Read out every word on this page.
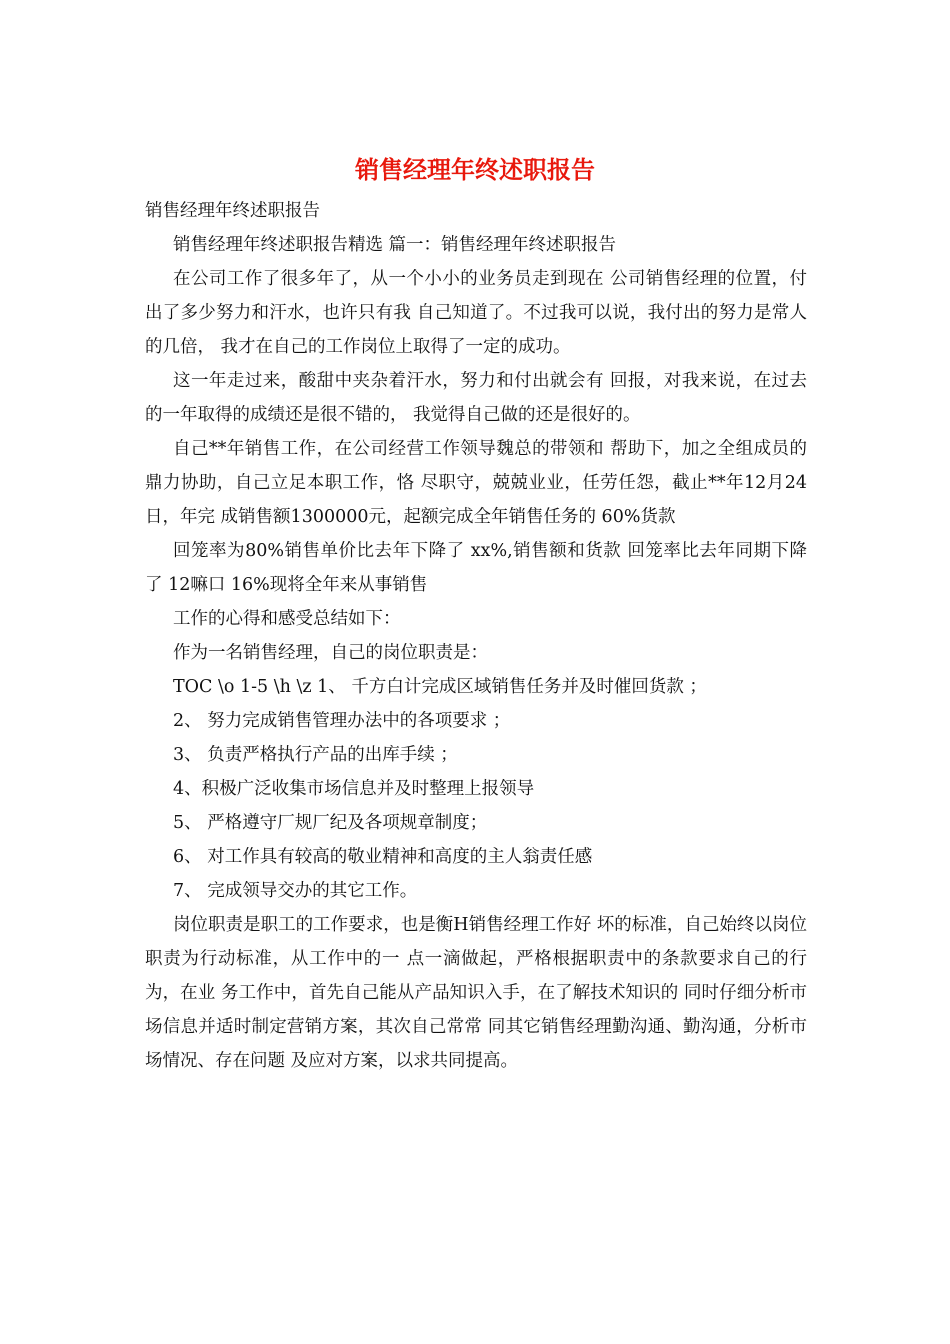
销售经理年终述职报告

销售经理年终述职报告

销售经理年终述职报告精选 篇一：销售经理年终述职报告

在公司工作了很多年了，从一个小小的业务员走到现在 公司销售经理的位置，付出了多少努力和汗水，也许只有我 自己知道了。不过我可以说，我付出的努力是常人的几倍， 我才在自己的工作岗位上取得了一定的成功。

这一年走过来，酸甜中夹杂着汗水，努力和付出就会有 回报，对我来说，在过去的一年取得的成绩还是很不错的， 我觉得自己做的还是很好的。

自己**年销售工作，在公司经营工作领导魏总的带领和 帮助下，加之全组成员的鼎力协助，自己立足本职工作，恪 尽职守，兢兢业业，任劳任怨，截止**年12月24日，年完 成销售额1300000元，起额完成全年销售任务的 60%货款

回笼率为80%销售单价比去年下降了 xx%,销售额和货款 回笼率比去年同期下降了 12嘛口 16%现将全年来从事销售

工作的心得和感受总结如下：

作为一名销售经理，自己的岗位职责是：

TOC \o 1-5 \h \z 1、 千方白计完成区域销售任务并及时催回货款 ；

2、 努力完成销售管理办法中的各项要求 ；

3、 负责严格执行产品的出库手续 ；

4、积极广泛收集市场信息并及时整理上报领导

5、 严格遵守厂规厂纪及各项规章制度；

6、 对工作具有较高的敬业精神和高度的主人翁责任感

7、 完成领导交办的其它工作。

岗位职责是职工的工作要求，也是衡H销售经理工作好 坏的标准，自己始终以岗位职责为行动标准，从工作中的一 点一滴做起，严格根据职责中的条款要求自己的行为，在业 务工作中，首先自己能从产品知识入手，在了解技术知识的 同时仔细分析市场信息并适时制定营销方案，其次自己常常 同其它销售经理勤沟通、勤沟通，分析市场情况、存在问题 及应对方案，以求共同提高。
